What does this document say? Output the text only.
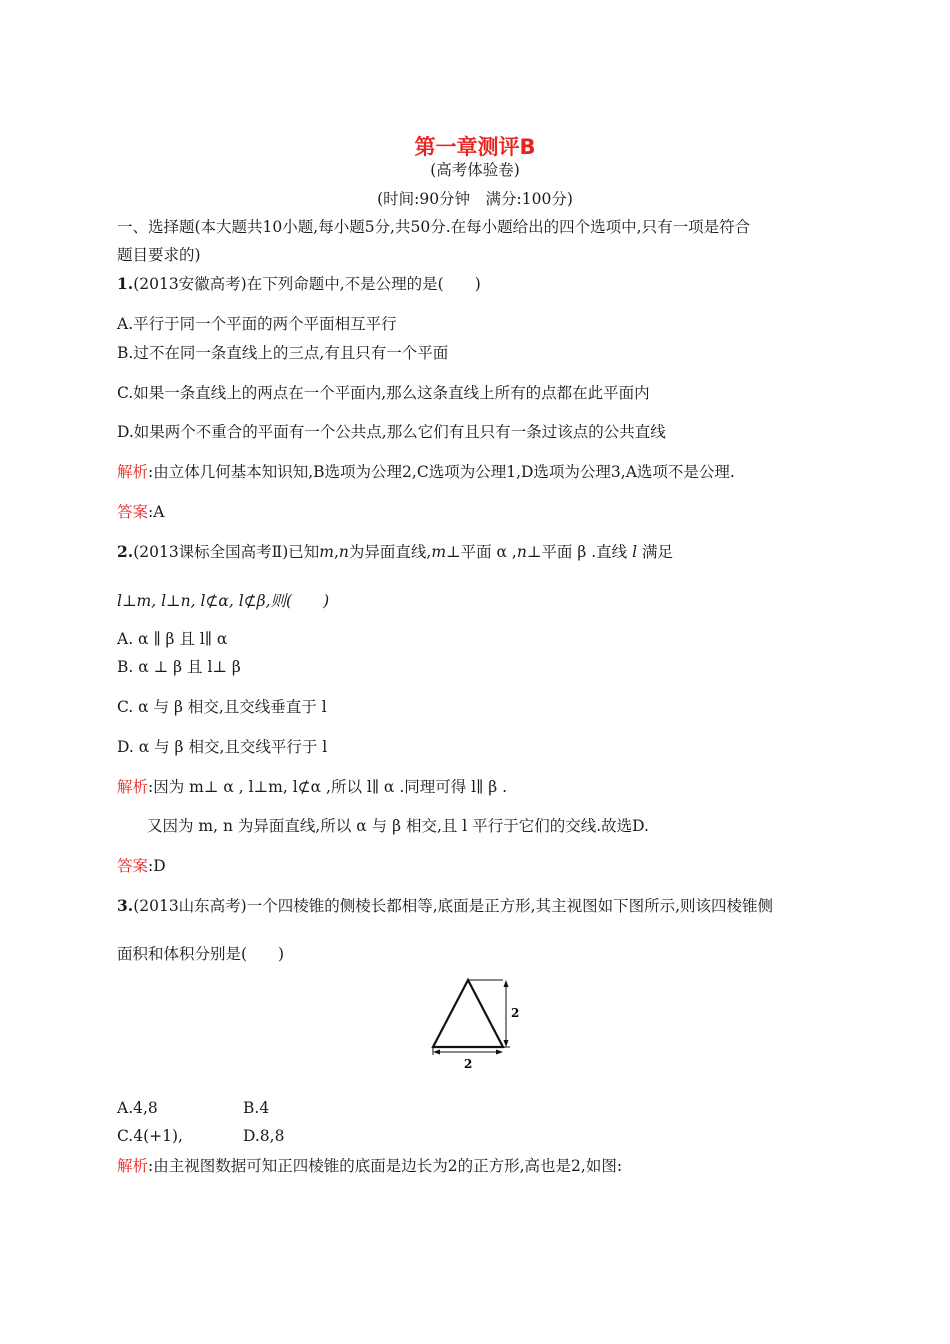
第一章测评B
(高考体验卷)
(时间:90分钟　满分:100分)
一、选择题(本大题共10小题,每小题5分,共50分.在每小题给出的四个选项中,只有一项是符合
题目要求的)
1.(2013安徽高考)在下列命题中,不是公理的是(　　)
A.平行于同一个平面的两个平面相互平行
B.过不在同一条直线上的三点,有且只有一个平面
C.如果一条直线上的两点在一个平面内,那么这条直线上所有的点都在此平面内
D.如果两个不重合的平面有一个公共点,那么它们有且只有一条过该点的公共直线
解析:由立体几何基本知识知,B选项为公理2,C选项为公理1,D选项为公理3,A选项不是公理.
答案:A
2.(2013课标全国高考Ⅱ)已知m,n为异面直线,m⊥平面 α ,n⊥平面 β .直线 l 满足
l⊥m, l⊥n, l⊄α, l⊄β,则(　　)
A. α ∥ β 且 l∥ α
B. α ⊥ β 且 l⊥ β
C. α 与 β 相交,且交线垂直于 l
D. α 与 β 相交,且交线平行于 l
解析:因为 m⊥ α , l⊥m, l⊄α ,所以 l∥ α .同理可得 l∥ β .
又因为 m, n 为异面直线,所以 α 与 β 相交,且 l 平行于它们的交线.故选D.
答案:D
3.(2013山东高考)一个四棱锥的侧棱长都相等,底面是正方形,其主视图如下图所示,则该四棱锥侧
面积和体积分别是(　　)
2
2
A.4,8	B.4
C.4(+1),	D.8,8
解析:由主视图数据可知正四棱锥的底面是边长为2的正方形,高也是2,如图:
